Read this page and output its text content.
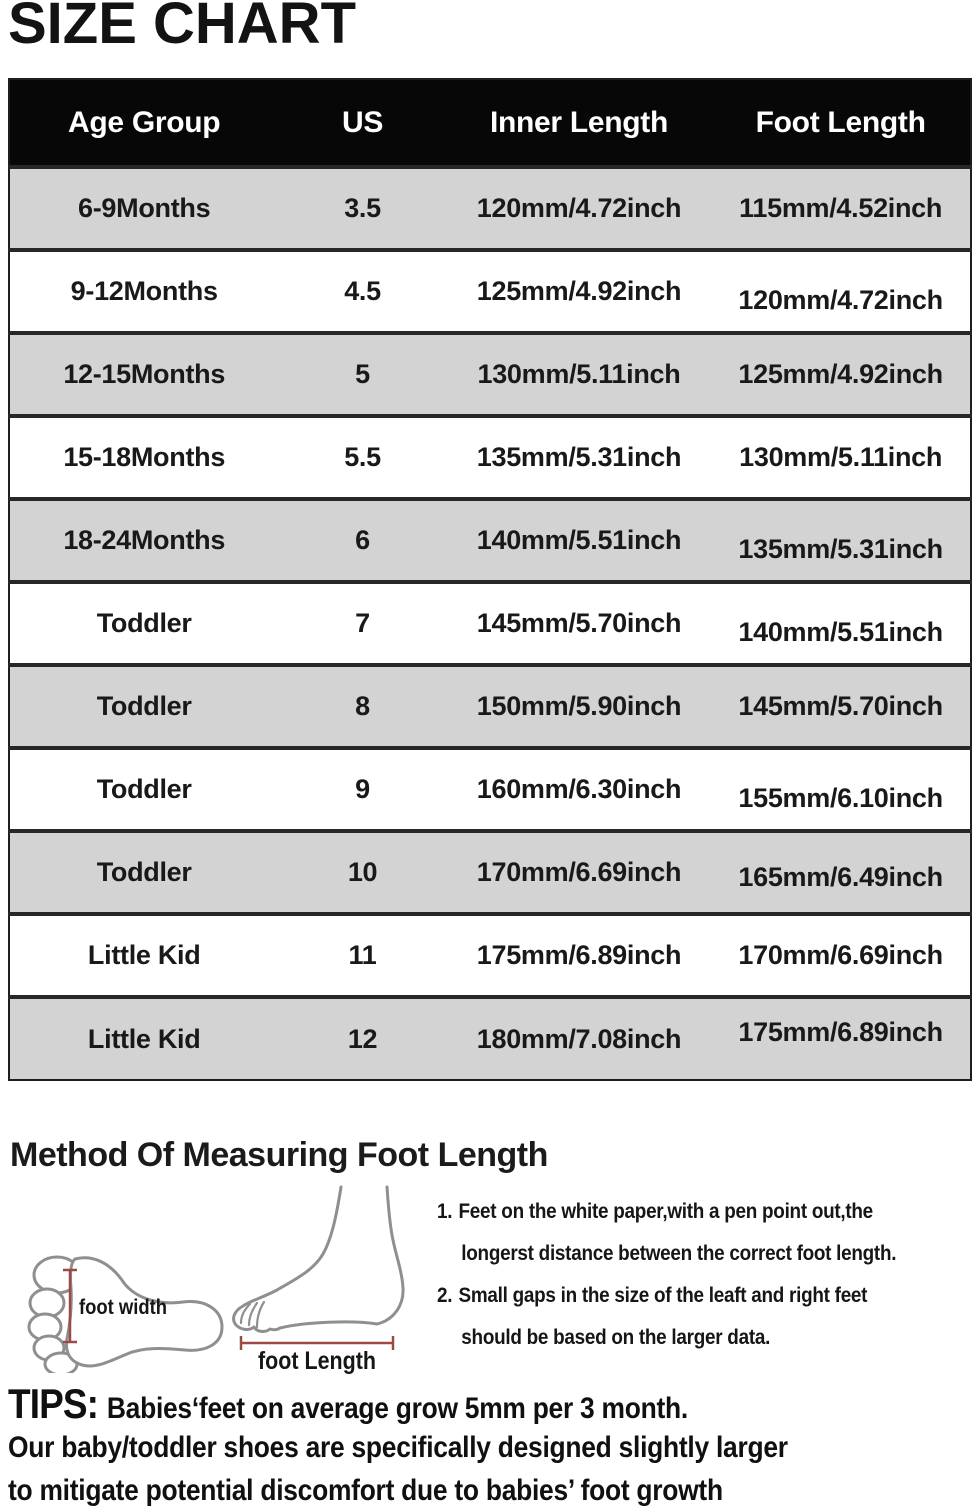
SIZE CHART
Age Group	US	Inner Length	Foot Length
6-9Months	3.5	120mm/4.72inch	115mm/4.52inch
9-12Months	4.5	125mm/4.92inch	120mm/4.72inch
12-15Months	5	130mm/5.11inch	125mm/4.92inch
15-18Months	5.5	135mm/5.31inch	130mm/5.11inch
18-24Months	6	140mm/5.51inch	135mm/5.31inch
Toddler	7	145mm/5.70inch	140mm/5.51inch
Toddler	8	150mm/5.90inch	145mm/5.70inch
Toddler	9	160mm/6.30inch	155mm/6.10inch
Toddler	10	170mm/6.69inch	165mm/6.49inch
Little Kid	11	175mm/6.89inch	170mm/6.69inch
Little Kid	12	180mm/7.08inch	175mm/6.89inch
Method Of Measuring Foot Length
foot width
foot Length
1. Feet on the white paper,with a pen point out,the
longerst distance between the correct foot length.
2. Small gaps in the size of the leaft and right feet
should be based on the larger data.
TIPS: Babies‘feet on average grow 5mm per 3 month.
Our baby/toddler shoes are specifically designed slightly larger
to mitigate potential discomfort due to babies’ foot growth
